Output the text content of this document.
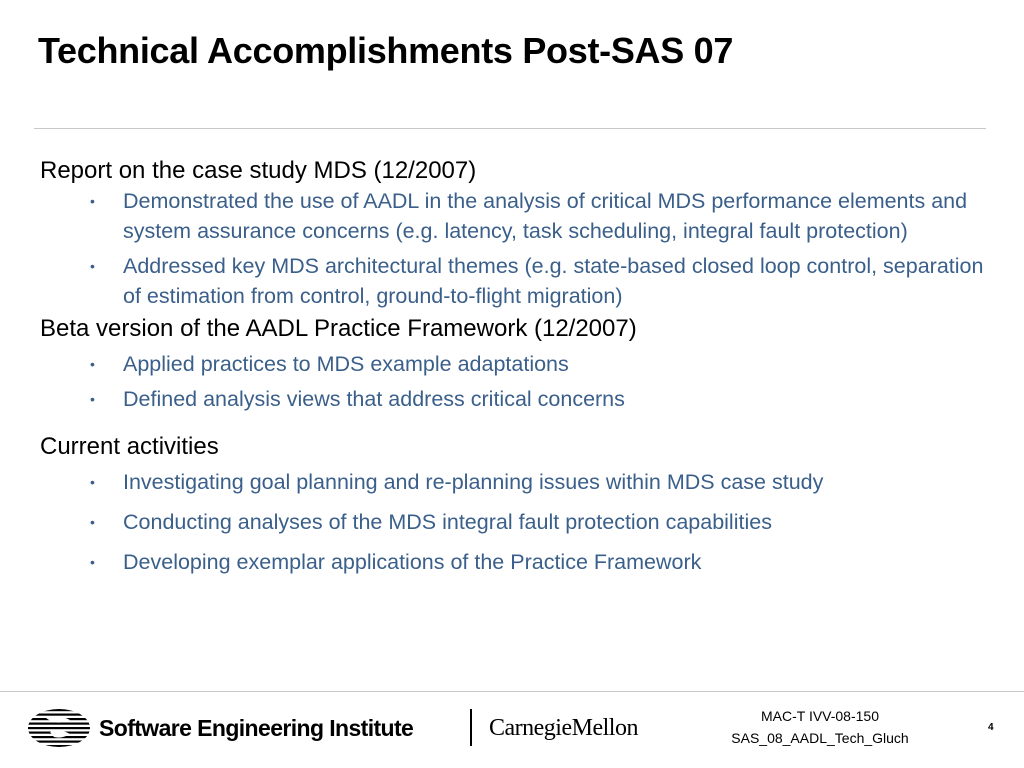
Technical Accomplishments Post-SAS 07
Report on the case study MDS (12/2007)
• Demonstrated the use of AADL in the analysis of critical MDS performance elements and system assurance concerns (e.g. latency, task scheduling, integral fault protection)
• Addressed key MDS architectural themes (e.g. state-based closed loop control, separation of estimation from control, ground-to-flight migration)
Beta version of the AADL Practice Framework (12/2007)
• Applied practices to MDS example adaptations
• Defined analysis views that address critical concerns
Current activities
• Investigating goal planning and re-planning issues within MDS case study
• Conducting analyses of the MDS integral fault protection capabilities
• Developing exemplar applications of the Practice Framework
Software Engineering Institute	CarnegieMellon	MAC-T IVV-08-150
SAS_08_AADL_Tech_Gluch
4
